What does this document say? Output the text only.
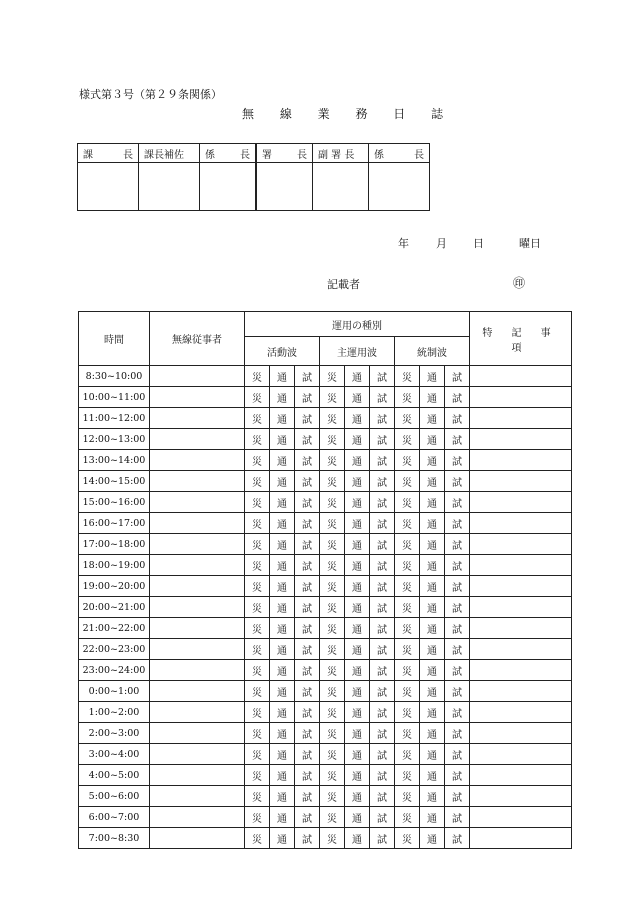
様式第３号（第２９条関係）
無 線 業 務 日 誌
課 長	課長補佐	係 長	署 長	副 署 長	係 長

年 月 日	曜日
記載者	㊞
時間	無線従事者	運用の種別									特 記 事 項
		活動波			主運用波			統制波			
8:30~10:00		災	通	試	災	通	試	災	通	試	
10:00~11:00		災	通	試	災	通	試	災	通	試	
11:00~12:00		災	通	試	災	通	試	災	通	試	
12:00~13:00		災	通	試	災	通	試	災	通	試	
13:00~14:00		災	通	試	災	通	試	災	通	試	
14:00~15:00		災	通	試	災	通	試	災	通	試	
15:00~16:00		災	通	試	災	通	試	災	通	試	
16:00~17:00		災	通	試	災	通	試	災	通	試	
17:00~18:00		災	通	試	災	通	試	災	通	試	
18:00~19:00		災	通	試	災	通	試	災	通	試	
19:00~20:00		災	通	試	災	通	試	災	通	試	
20:00~21:00		災	通	試	災	通	試	災	通	試	
21:00~22:00		災	通	試	災	通	試	災	通	試	
22:00~23:00		災	通	試	災	通	試	災	通	試	
23:00~24:00		災	通	試	災	通	試	災	通	試	
0:00~1:00		災	通	試	災	通	試	災	通	試	
1:00~2:00		災	通	試	災	通	試	災	通	試	
2:00~3:00		災	通	試	災	通	試	災	通	試	
3:00~4:00		災	通	試	災	通	試	災	通	試	
4:00~5:00		災	通	試	災	通	試	災	通	試	
5:00~6:00		災	通	試	災	通	試	災	通	試	
6:00~7:00		災	通	試	災	通	試	災	通	試	
7:00~8:30		災	通	試	災	通	試	災	通	試	
